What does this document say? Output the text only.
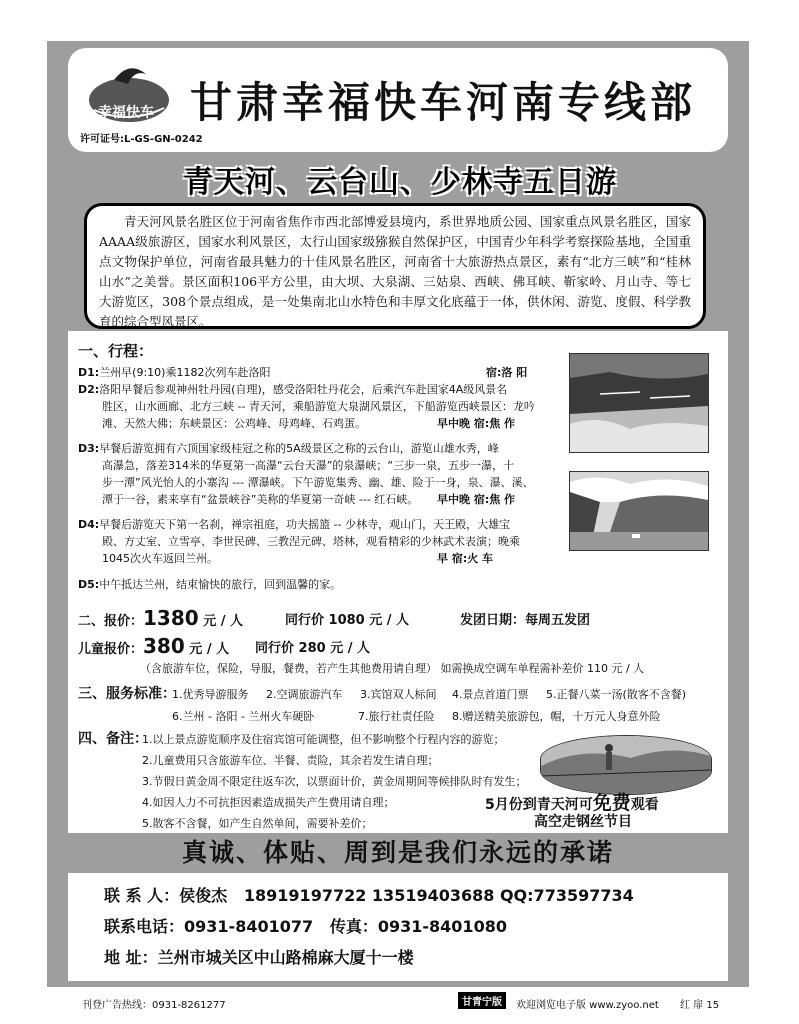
幸福快车
许可证号:L-GS-GN-0242
甘肃幸福快车河南专线部
青天河、云台山、少林寺五日游
青天河风景名胜区位于河南省焦作市西北部博爱县境内，系世界地质公园、国家重点风景名胜区，国家AAAA级旅游区，国家水利风景区，太行山国家级猕猴自然保护区，中国青少年科学考察探险基地，全国重点文物保护单位，河南省最具魅力的十佳风景名胜区，河南省十大旅游热点景区，素有“北方三峡”和“桂林山水”之美誉。景区面积106平方公里，由大坝、大泉湖、三姑泉、西峡、佛耳峡、靳家岭、月山寺、等七大游览区，308个景点组成，是一处集南北山水特色和丰厚文化底蕴于一体，供休闲、游览、度假、科学教育的综合型风景区。
一、行程：
D1:兰州早(9:10)乘1182次列车赴洛阳	宿:洛 阳
D2:洛阳早餐后参观神州牡丹园(自理)，感受洛阳牡丹花会，后乘汽车赴国家4A级风景名
胜区，山水画廊、北方三峡 -- 青天河，乘船游览大泉湖风景区，下船游览西峡景区：龙吟
滩、天然大佛；东峡景区：公鸡峰、母鸡峰、石鸡蛋。	早中晚 宿:焦 作
D3:早餐后游览拥有六顶国家级桂冠之称的5A级景区之称的云台山，游览山雄水秀，峰
高瀑急，落差314米的华夏第一高瀑“云台天瀑”的泉瀑峡；“三步一泉，五步一瀑，十
步一潭”风光怡人的小寨沟 --- 潭瀑峡。下午游览集秀、幽、雄、险于一身，泉、瀑、溪、
潭于一谷，素来享有“盆景峡谷”美称的华夏第一奇峡 --- 红石峡。	早中晚 宿:焦 作
D4:早餐后游览天下第一名刹，禅宗祖庭，功夫摇篮 -- 少林寺，观山门，天王殿，大雄宝
殿、方丈室、立雪亭、李世民碑、三教涅元碑、塔林，观看精彩的少林武术表演；晚乘
1045次火车返回兰州。	早 宿:火 车
D5:中午抵达兰州，结束愉快的旅行，回到温馨的家。
二、报价：1380 元 / 人	同行价 1080 元 / 人	发团日期：每周五发团
儿童报价：380 元 / 人 同行价 280 元 / 人
（含旅游车位，保险，导服，餐费，若产生其他费用请自理） 如需换成空调车单程需补差价 110 元 / 人
三、服务标准：
1.优秀导游服务 2.空调旅游汽车 3.宾馆双人标间 4.景点首道门票 5.正餐八菜一汤(散客不含餐)
6.兰州 - 洛阳 - 兰州火车硬卧	7.旅行社责任险 8.赠送精美旅游包，帽，十万元人身意外险
四、备注：
1.以上景点游览顺序及住宿宾馆可能调整，但不影响整个行程内容的游览；
2.儿童费用只含旅游车位、半餐、责险，其余若发生请自理；
3.节假日黄金周不限定往返车次，以票面计价，黄金周期间等候排队时有发生；
4.如因人力不可抗拒因素造成损失产生费用请自理；
5.散客不含餐，如产生自然单间，需要补差价；
5月份到青天河可免费观看
高空走钢丝节目
真诚、体贴、周到是我们永远的承诺
联 系 人：侯俊杰 18919197722 13519403688 QQ:773597734
联系电话：0931-8401077 传真：0931-8401080
地 址：兰州市城关区中山路棉麻大厦十一楼
刊登广告热线：0931-8261277	甘青宁版	欢迎浏览电子版 www.zyoo.net 红 扉 15
